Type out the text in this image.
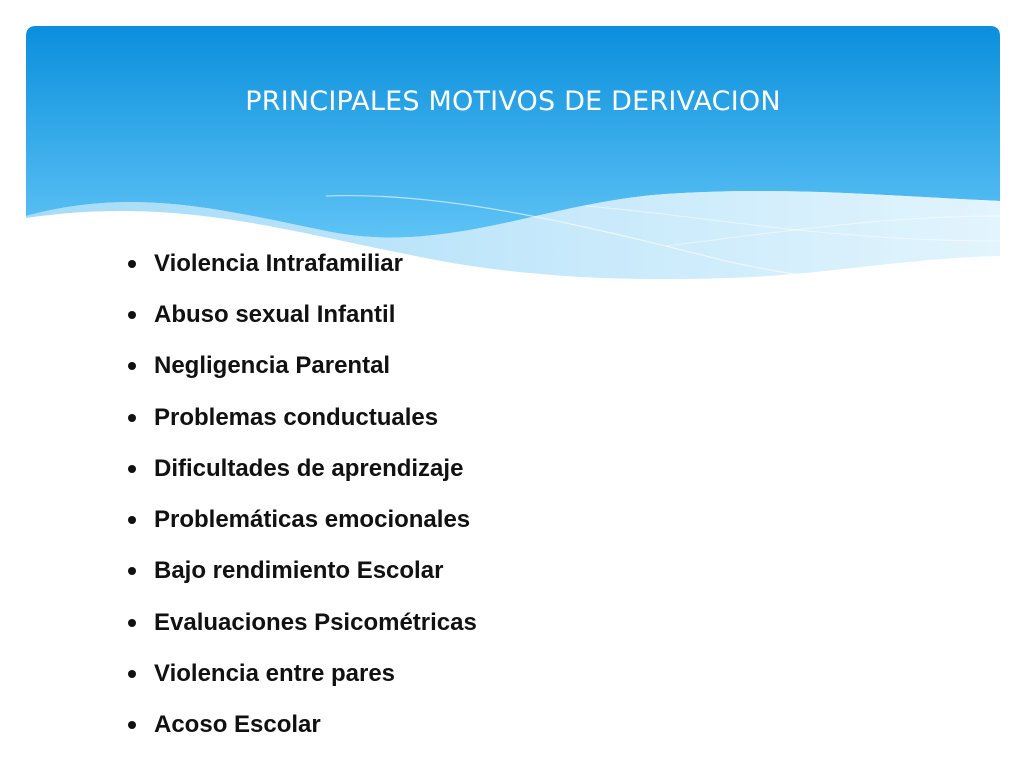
PRINCIPALES MOTIVOS DE DERIVACION
Violencia Intrafamiliar
Abuso sexual Infantil
Negligencia Parental
Problemas conductuales
Dificultades de aprendizaje
Problemáticas emocionales
Bajo rendimiento Escolar
Evaluaciones Psicométricas
Violencia entre pares
Acoso Escolar
